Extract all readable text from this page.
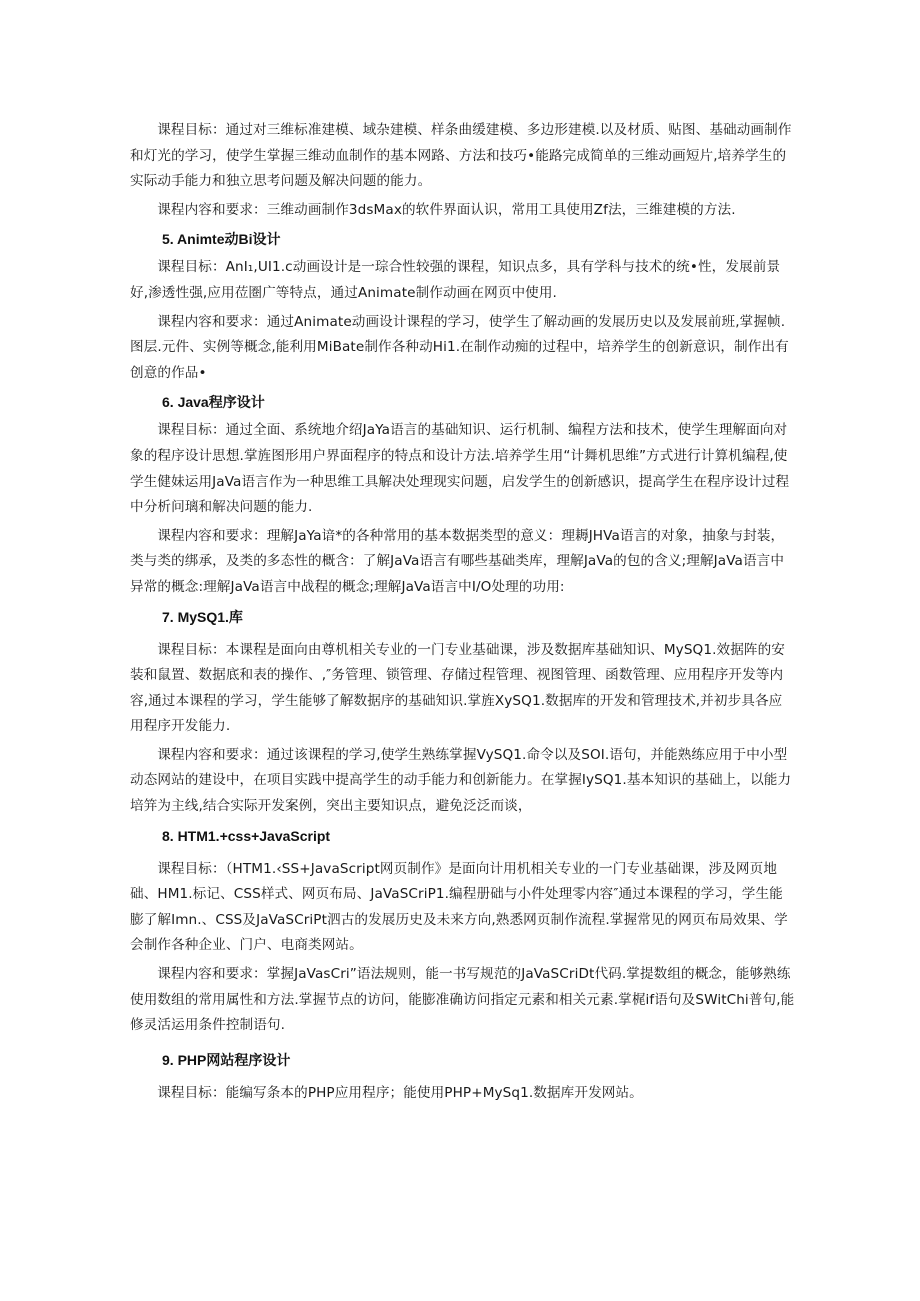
课程目标：通过对三维标准建模、域杂建模、样条曲缓建模、多边形建模.以及材质、贴图、基础动画制作和灯光的学习，使学生掌握三维动血制作的基本网路、方法和技巧•能路完成简单的三维动画短片,培养学生的实际动手能力和独立思考问题及解决问题的能力。

课程内容和要求：三维动画制作3dsMax的软件界面认识，常用工具使用Zf法，三维建模的方法.

5. Animte动Bi设计

课程目标：AnI₁,UI1.c动画设计是一琮合性较强的课程，知识点多，具有学科与技术的统•性，发展前景好,渗透性强,应用莅圏广等特点，通过Animate制作动画在网页中使用.

课程内容和要求：通过Animate动画设计课程的学习，使学生了解动画的发展历史以及发展前班,掌握帧.图层.元件、实例等概念,能利用MiBate制作各种动Hi1.在制作动痴的过程中，培养学生的创新意识，制作出有创意的作品•

6. Java程序设计

课程目标：通过全面、系统地介绍JaYa语言的基础知识、运行机制、编程方法和技术，使学生理解面向对象的程序设计思想.掌旌图形用户界面程序的特点和设计方法.培养学生用“计舞机思维”方式进行计算机编程,使学生健妹运用JaVa语言作为一种思维工具解决处理现实问题，启发学生的创新感识，提高学生在程序设计过程中分析问璃和解决问题的能力.

课程内容和要求：理解JaYa谙*的各种常用的基本数据类型的意义：理耨JHVa语言的对象，抽象与封装，类与类的绑承，及类的多态性的概含：了解JaVa语言有哪些基础类库，理解JaVa的包的含义;理解JaVa语言中异常的概念:理解JaVa语言中战程的概念;理解JaVa语言中I/O处理的功用:

7. MySQ1.库

课程目标：本课程是面向由尊机相关专业的一门专业基础课，涉及数据库基础知识、MySQ1.效据阵的安装和鼠置、数据底和表的操作、,″务管理、锁管理、存储过程管理、视图管理、函数管理、应用程序开发等内容,通过本课程的学习，学生能够了解数据序的基础知识.掌旌XySQ1.数据库的开发和管理技术,并初步具各应用程序开发能力.

课程内容和要求：通过该课程的学习,使学生熟练掌握VySQ1.命令以及SOI.语句，并能熟练应用于中小型动态网站的建设中，在项目实践中提高学生的动手能力和创新能力。在掌握IySQ1.基本知识的基础上，以能力培笄为主线,结合实际开发案例，突出主要知识点，避免泛泛而谈，

8. HTM1.+css+JavaScript

课程目标：（HTM1.‹SS+JavaScript网页制作》是面向计用机相关专业的一门专业基础课，涉及网页地础、HM1.标记、CSS样式、网页布局、JaVaSCriP1.编程册础与小件处理零内容″通过本课程的学习，学生能膨了解Imn.、CSS及JaVaSCriPt泗古的发展历史及未来方向,熟悉网页制作流程.掌握常见的网页布局效果、学会制作各种企业、门户、电商类网站。

课程内容和要求：掌握JaVasCri”语法规则，能一书写规范的JaVaSCriDt代码.掌提数组的概念，能够熟练使用数组的常用属性和方法.掌握节点的访问，能膨准确访问指定元素和相关元素.掌梶if语句及SWitChi普句,能修灵活运用条件控制语句.

9. PHP网站程序设计

课程目标：能编写条本的PHP应用程序；能使用PHP+MySq1.数据库开发网站。
